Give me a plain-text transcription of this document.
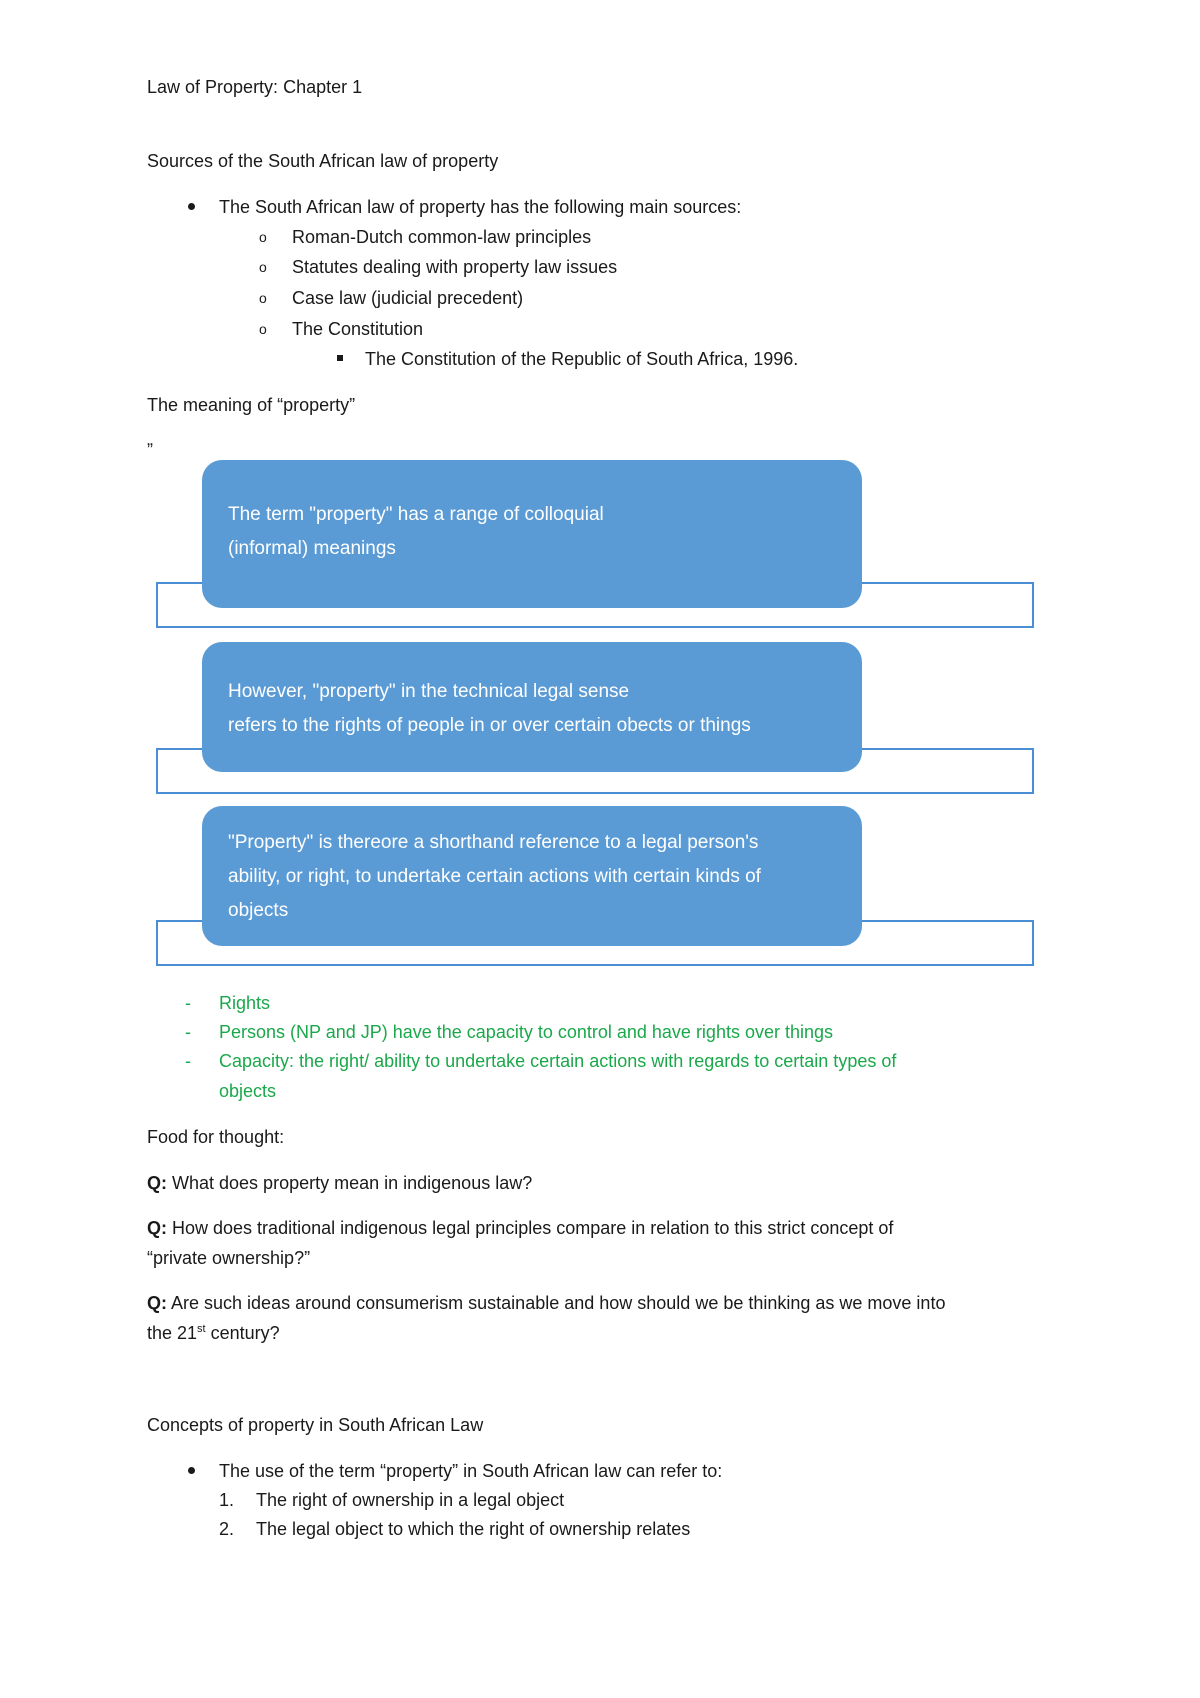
Law of Property: Chapter 1
Sources of the South African law of property
The South African law of property has the following main sources:
o Roman-Dutch common-law principles
o Statutes dealing with property law issues
o Case law (judicial precedent)
o The Constitution
The Constitution of the Republic of South Africa, 1996.
The meaning of “property”
„
The term "property" has a range of colloquial
(informal) meanings
However, "property" in the technical legal sense
refers to the rights of people in or over certain obects or things
"Property" is thereore a shorthand reference to a legal person's
ability, or right, to undertake certain actions with certain kinds of
objects
- Rights
- Persons (NP and JP) have the capacity to control and have rights over things
- Capacity: the right/ ability to undertake certain actions with regards to certain types of
objects
Food for thought:
Q: What does property mean in indigenous law?
Q: How does traditional indigenous legal principles compare in relation to this strict concept of
“private ownership?”
Q: Are such ideas around consumerism sustainable and how should we be thinking as we move into
the 21st century?
Concepts of property in South African Law
The use of the term “property” in South African law can refer to:
1. The right of ownership in a legal object
2. The legal object to which the right of ownership relates
